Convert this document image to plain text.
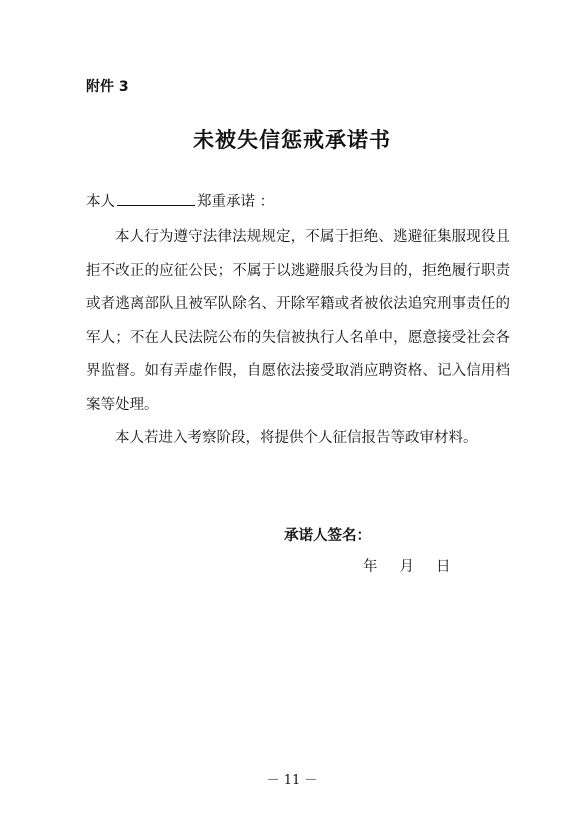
附件 3
未被失信惩戒承诺书
本人	郑重承诺 ：
本人行为遵守法律法规规定，不属于拒绝、逃避征集服现役且拒不改正的应征公民；不属于以逃避服兵役为目的，拒绝履行职责或者逃离部队且被军队除名、开除军籍或者被依法追究刑事责任的军人；不在人民法院公布的失信被执行人名单中，愿意接受社会各界监督。如有弄虚作假，自愿依法接受取消应聘资格、记入信用档案等处理。
本人若进入考察阶段，将提供个人征信报告等政审材料。
承诺人签名：
年 月 日
－ 11 －
